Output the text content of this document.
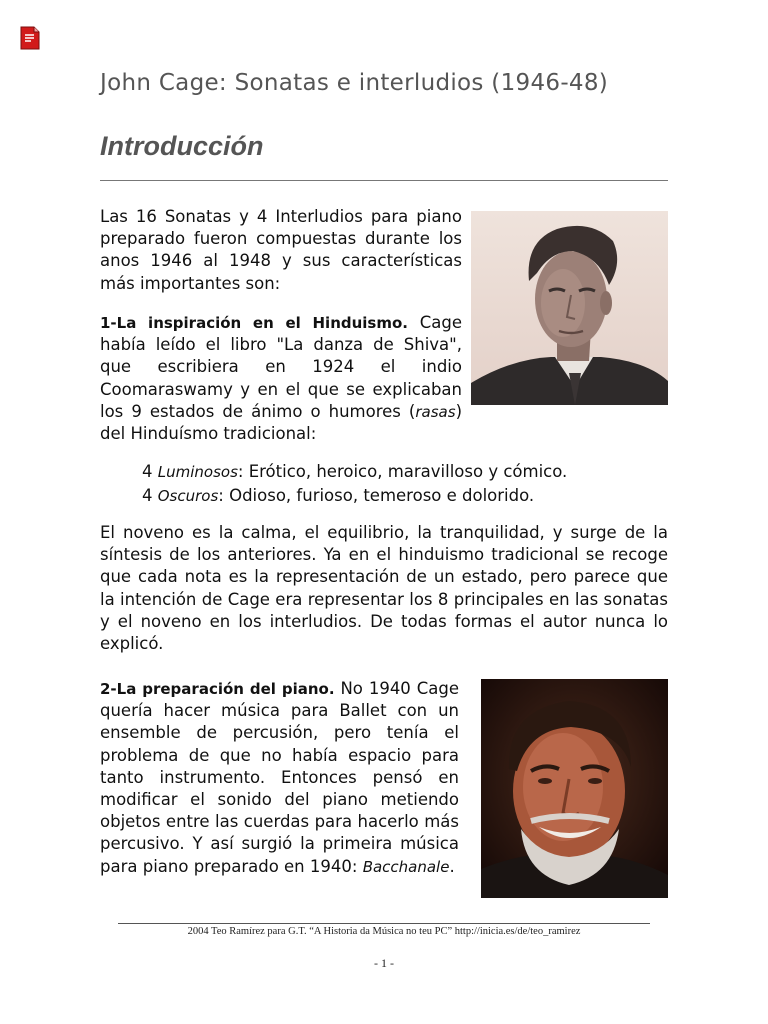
John Cage: Sonatas e interludios (1946-48)
Introducción
Las 16 Sonatas y 4 Interludios para piano preparado fueron compuestas durante los anos 1946 al 1948 y sus características más importantes son:
1-La inspiración en el Hinduismo. Cage había leído el libro "La danza de Shiva", que escribiera en 1924 el indio Coomaraswamy y en el que se explicaban los 9 estados de ánimo o humores (rasas) del Hinduísmo tradicional:
4 Luminosos: Erótico, heroico, maravilloso y cómico.
4 Oscuros: Odioso, furioso, temeroso e dolorido.
El noveno es la calma, el equilibrio, la tranquilidad, y surge de la síntesis de los anteriores. Ya en el hinduismo tradicional se recoge que cada nota es la representación de un estado, pero parece que la intención de Cage era representar los 8 principales en las sonatas y el noveno en los interludios. De todas formas el autor nunca lo explicó.
2-La preparación del piano. No 1940 Cage quería hacer música para Ballet con un ensemble de percusión, pero tenía el problema de que no había espacio para tanto instrumento. Entonces pensó en modificar el sonido del piano metiendo objetos entre las cuerdas para hacerlo más percusivo. Y así surgió la primeira música para piano preparado en 1940: Bacchanale.
2004 Teo Ramírez para G.T. “A Historia da Música no teu PC” http://inicia.es/de/teo_ramirez
- 1 -
